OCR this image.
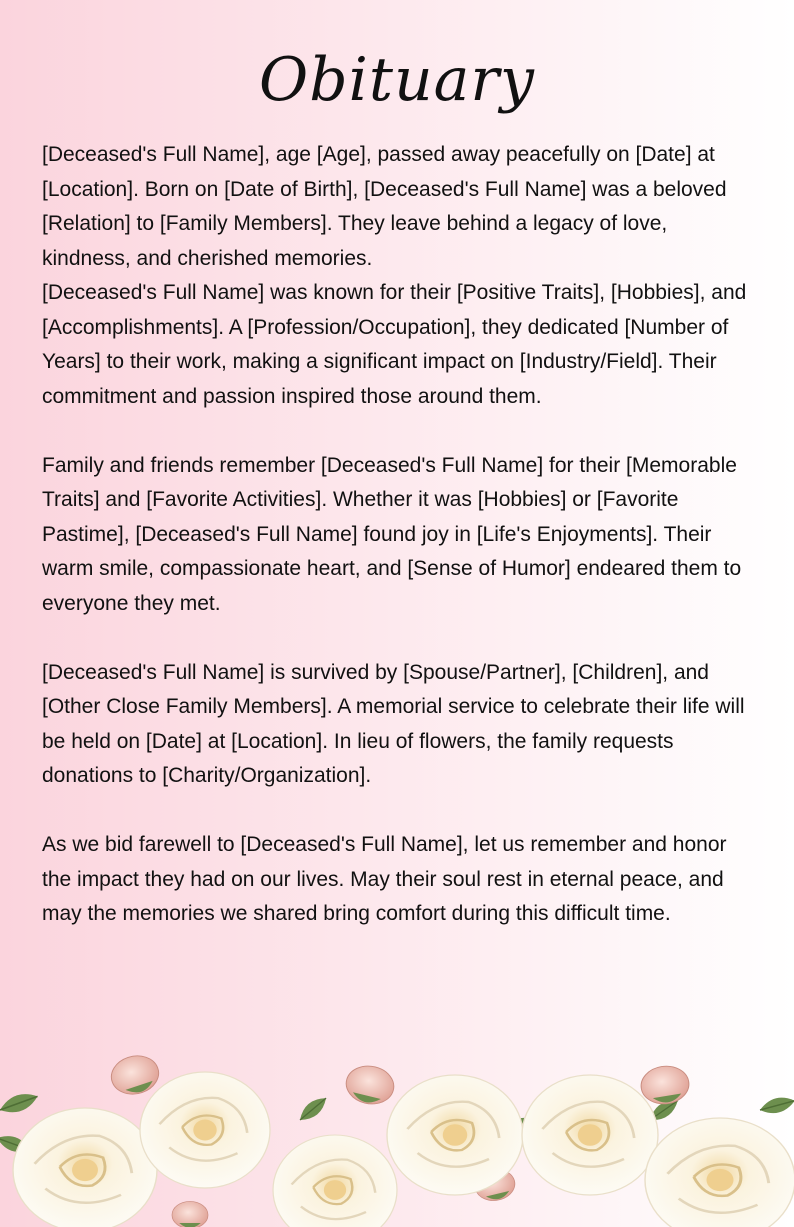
Obituary

[Deceased's Full Name], age [Age], passed away peacefully on [Date] at [Location]. Born on [Date of Birth], [Deceased's Full Name] was a beloved [Relation] to [Family Members]. They leave behind a legacy of love, kindness, and cherished memories.

[Deceased's Full Name] was known for their [Positive Traits], [Hobbies], and [Accomplishments]. A [Profession/Occupation], they dedicated [Number of Years] to their work, making a significant impact on [Industry/Field]. Their commitment and passion inspired those around them.

Family and friends remember [Deceased's Full Name] for their [Memorable Traits] and [Favorite Activities]. Whether it was [Hobbies] or [Favorite Pastime], [Deceased's Full Name] found joy in [Life's Enjoyments]. Their warm smile, compassionate heart, and [Sense of Humor] endeared them to everyone they met.

[Deceased's Full Name] is survived by [Spouse/Partner], [Children], and [Other Close Family Members]. A memorial service to celebrate their life will be held on [Date] at [Location]. In lieu of flowers, the family requests donations to [Charity/Organization].

As we bid farewell to [Deceased's Full Name], let us remember and honor the impact they had on our lives. May their soul rest in eternal peace, and may the memories we shared bring comfort during this difficult time.
